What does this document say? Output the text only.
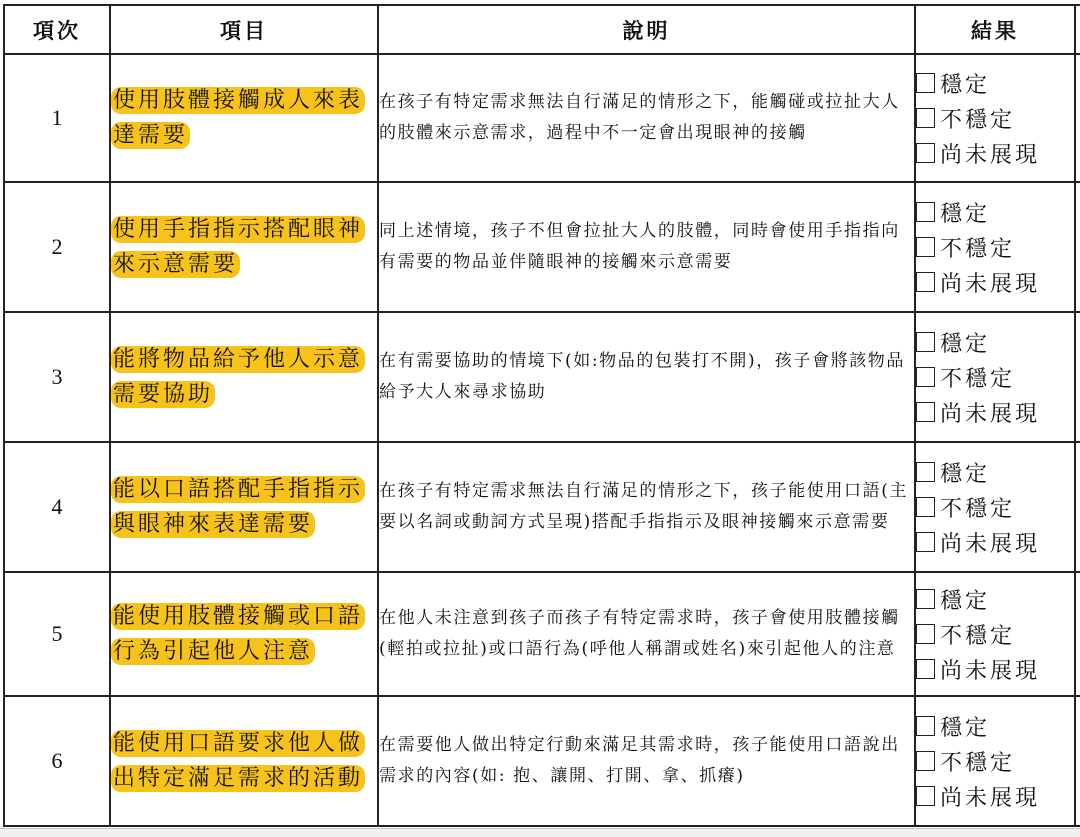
項次	項目	說明	結果	
1	使用肢體接觸成人來表達需要	在孩子有特定需求無法自行滿足的情形之下，能觸碰或拉扯大人的肢體來示意需求，過程中不一定會出現眼神的接觸	穩定
不穩定
尚未展現	

2	使用手指指示搭配眼神來示意需要	同上述情境，孩子不但會拉扯大人的肢體，同時會使用手指指向有需要的物品並伴隨眼神的接觸來示意需要	穩定
不穩定
尚未展現	

3	能將物品給予他人示意需要協助	在有需要協助的情境下(如:物品的包裝打不開)，孩子會將該物品給予大人來尋求協助	穩定
不穩定
尚未展現	

4	能以口語搭配手指指示與眼神來表達需要	在孩子有特定需求無法自行滿足的情形之下，孩子能使用口語(主要以名詞或動詞方式呈現)搭配手指指示及眼神接觸來示意需要	穩定
不穩定
尚未展現	

5	能使用肢體接觸或口語行為引起他人注意	在他人未注意到孩子而孩子有特定需求時，孩子會使用肢體接觸(輕拍或拉扯)或口語行為(呼他人稱謂或姓名)來引起他人的注意	穩定
不穩定
尚未展現	

6	能使用口語要求他人做出特定滿足需求的活動	在需要他人做出特定行動來滿足其需求時，孩子能使用口語說出需求的內容(如: 抱、讓開、打開、拿、抓癢)	穩定
不穩定
尚未展現	
